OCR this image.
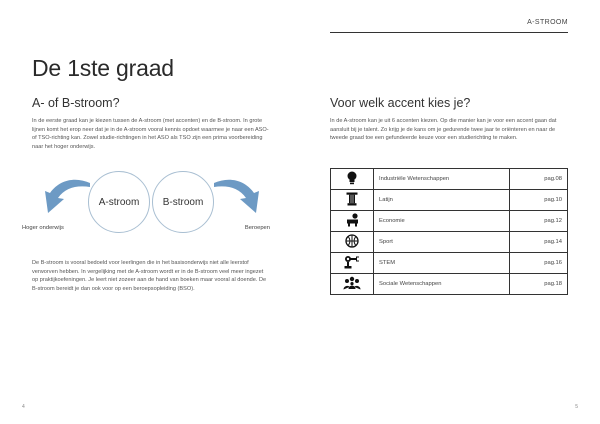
De 1ste graad
A- of B-stroom?
In de eerste graad kan je kiezen tussen de A-stroom (met accenten) en de B-stroom. In grote lijnen komt het erop neer dat je in de A-stroom vooral kennis opdoet waarmee je naar een ASO- of TSO-richting kan. Zowel studie-richtingen in het ASO als TSO zijn een prima voorbereiding naar het hoger onderwijs.
A-stroom	B-stroom
Hoger onderwijs	Beroepen
De B-stroom is vooral bedoeld voor leerlingen die in het basisonderwijs niet alle leerstof verworven hebben. In vergelijking met de A-stroom wordt er in de B-stroom veel meer ingezet op praktijkoefeningen. Je leert niet zozeer aan de hand van boeken maar vooral al doende. De B-stroom bereidt je dan ook voor op een beroepsopleiding (BSO).
4
A-STROOM
5
Voor welk accent kies je?
In de A-stroom kan je uit 6 accenten kiezen. Op die manier kan je voor een accent gaan dat aansluit bij je talent. Zo krijg je de kans om je gedurende twee jaar te oriënteren en naar de tweede graad toe een gefundeerde keuze voor een studierichting te maken.
	Industriële Wetenschappen	pag.08
	Latijn	pag.10
	Economie	pag.12
	Sport	pag.14
	STEM	pag.16
	Sociale Wetenschappen	pag.18
